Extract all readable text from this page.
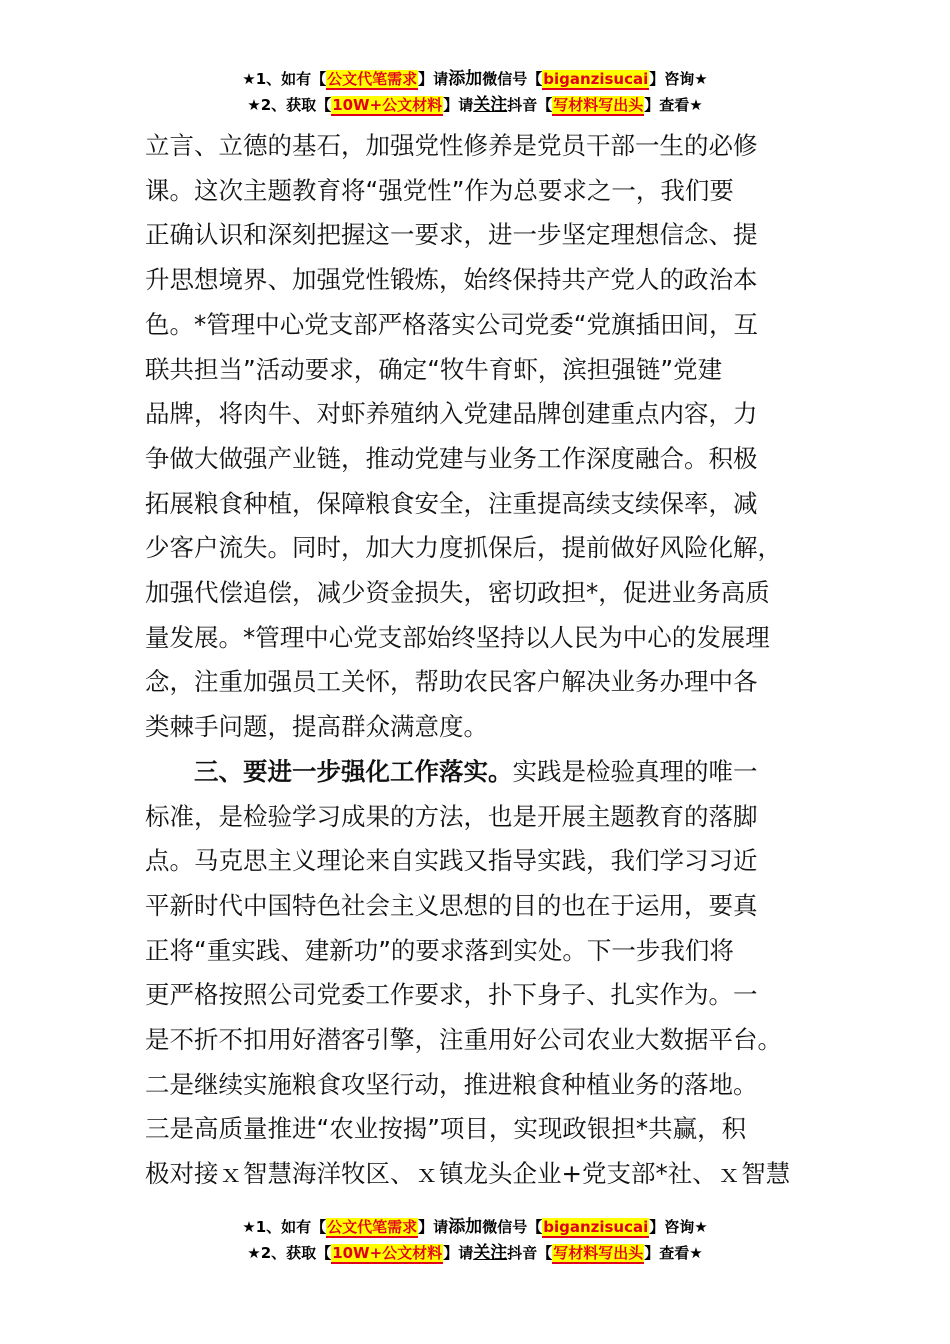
★1、如有【公文代笔需求】请添加微信号【biganzisucai】咨询★
★2、获取【10W+公文材料】请关注抖音【写材料写出头】查看★

立言、立德的基石，加强党性修养是党员干部一生的必修

课。这次主题教育将“强党性”作为总要求之一，我们要

正确认识和深刻把握这一要求，进一步坚定理想信念、提

升思想境界、加强党性锻炼，始终保持共产党人的政治本

色。*管理中心党支部严格落实公司党委“党旗插田间，互

联共担当”活动要求，确定“牧牛育虾，滨担强链”党建

品牌，将肉牛、对虾养殖纳入党建品牌创建重点内容，力

争做大做强产业链，推动党建与业务工作深度融合。积极

拓展粮食种植，保障粮食安全，注重提高续支续保率，减

少客户流失。同时，加大力度抓保后，提前做好风险化解，

加强代偿追偿，减少资金损失，密切政担*，促进业务高质

量发展。*管理中心党支部始终坚持以人民为中心的发展理

念，注重加强员工关怀，帮助农民客户解决业务办理中各

类棘手问题，提高群众满意度。

三、要进一步强化工作落实。实践是检验真理的唯一

标准，是检验学习成果的方法，也是开展主题教育的落脚

点。马克思主义理论来自实践又指导实践，我们学习习近

平新时代中国特色社会主义思想的目的也在于运用，要真

正将“重实践、建新功”的要求落到实处。下一步我们将

更严格按照公司党委工作要求，扑下身子、扎实作为。一

是不折不扣用好潜客引擎，注重用好公司农业大数据平台。

二是继续实施粮食攻坚行动，推进粮食种植业务的落地。

三是高质量推进“农业按揭”项目，实现政银担*共赢，积

极对接ｘ智慧海洋牧区、ｘ镇龙头企业+党支部*社、ｘ智慧

★1、如有【公文代笔需求】请添加微信号【biganzisucai】咨询★
★2、获取【10W+公文材料】请关注抖音【写材料写出头】查看★
